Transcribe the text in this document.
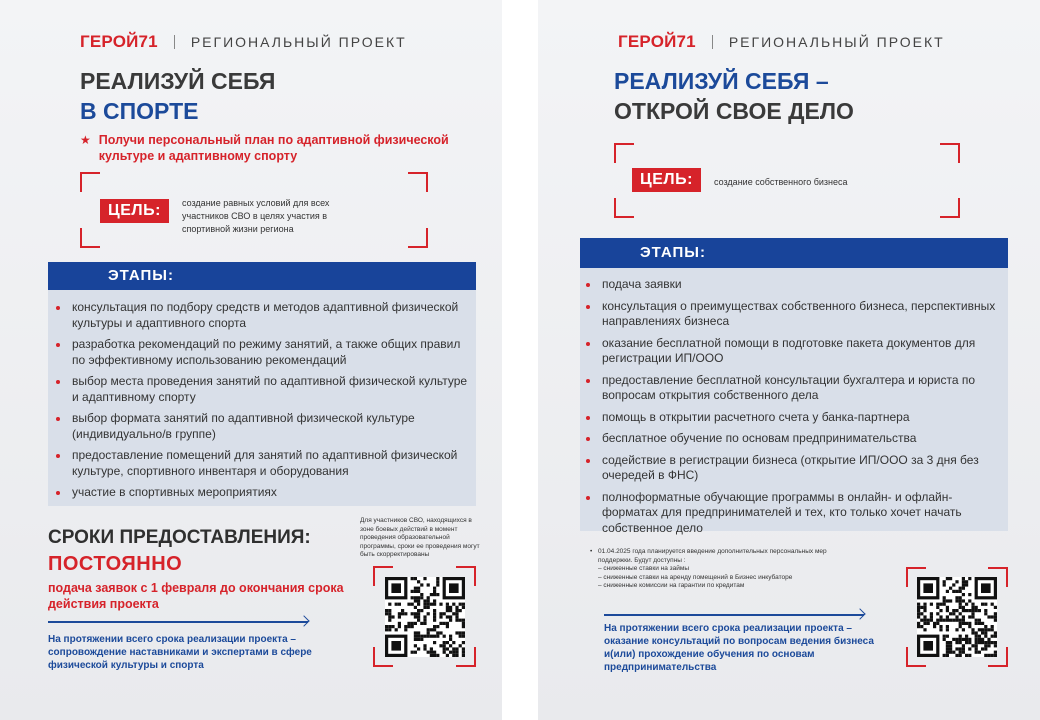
ГЕРОЙ71 РЕГИОНАЛЬНЫЙ ПРОЕКТ
РЕАЛИЗУЙ СЕБЯ
В СПОРТЕ
★ Получи персональный план по адаптивной физической культуре и адаптивному спорту
ЦЕЛЬ:	создание равных условий для всех участников СВО в целях участия в спортивной жизни региона
ЭТАПЫ:
консультация по подбору средств и методов адаптивной физической культуры и адаптивного спорта
разработка рекомендаций по режиму занятий, а также общих правил по эффективному использованию рекомендаций
выбор места проведения занятий по адаптивной физической культуре и адаптивному спорту
выбор формата занятий по адаптивной физической культуре (индивидуально/в группе)
предоставление помещений для занятий по адаптивной физической культуре, спортивного инвентаря и оборудования
участие в спортивных мероприятиях
СРОКИ ПРЕДОСТАВЛЕНИЯ:
ПОСТОЯННО
подача заявок с 1 февраля до окончания срока действия проекта
На протяжении всего срока реализации проекта – сопровождение наставниками и экспертами в сфере физической культуры и спорта
Для участников СВО, находящихся в зоне боевых действий в момент проведения образовательной программы, сроки ее проведения могут быть скорректированы
ГЕРОЙ71 РЕГИОНАЛЬНЫЙ ПРОЕКТ
РЕАЛИЗУЙ СЕБЯ –
ОТКРОЙ СВОЕ ДЕЛО
ЦЕЛЬ:	создание собственного бизнеса
ЭТАПЫ:
подача заявки
консультация о преимуществах собственного бизнеса, перспективных направлениях бизнеса
оказание бесплатной помощи в подготовке пакета документов для регистрации ИП/ООО
предоставление бесплатной консультации бухгалтера и юриста по вопросам открытия собственного дела
помощь в открытии расчетного счета у банка-партнера
бесплатное обучение по основам предпринимательства
содействие в регистрации бизнеса (открытие ИП/ООО за 3 дня без очередей в ФНС)
полноформатные обучающие программы в онлайн- и офлайн-форматах для предпринимателей и тех, кто только хочет начать собственное дело
• 01.04.2025 года планируется введение дополнительных персональных мер поддержки. Будут доступны :
– сниженные ставки на займы
– сниженные ставки на аренду помещений в Бизнес инкубаторе
– сниженные комиссии на гарантии по кредитам
На протяжении всего срока реализации проекта – оказание консультаций по вопросам ведения бизнеса и(или) прохождение обучения по основам предпринимательства
